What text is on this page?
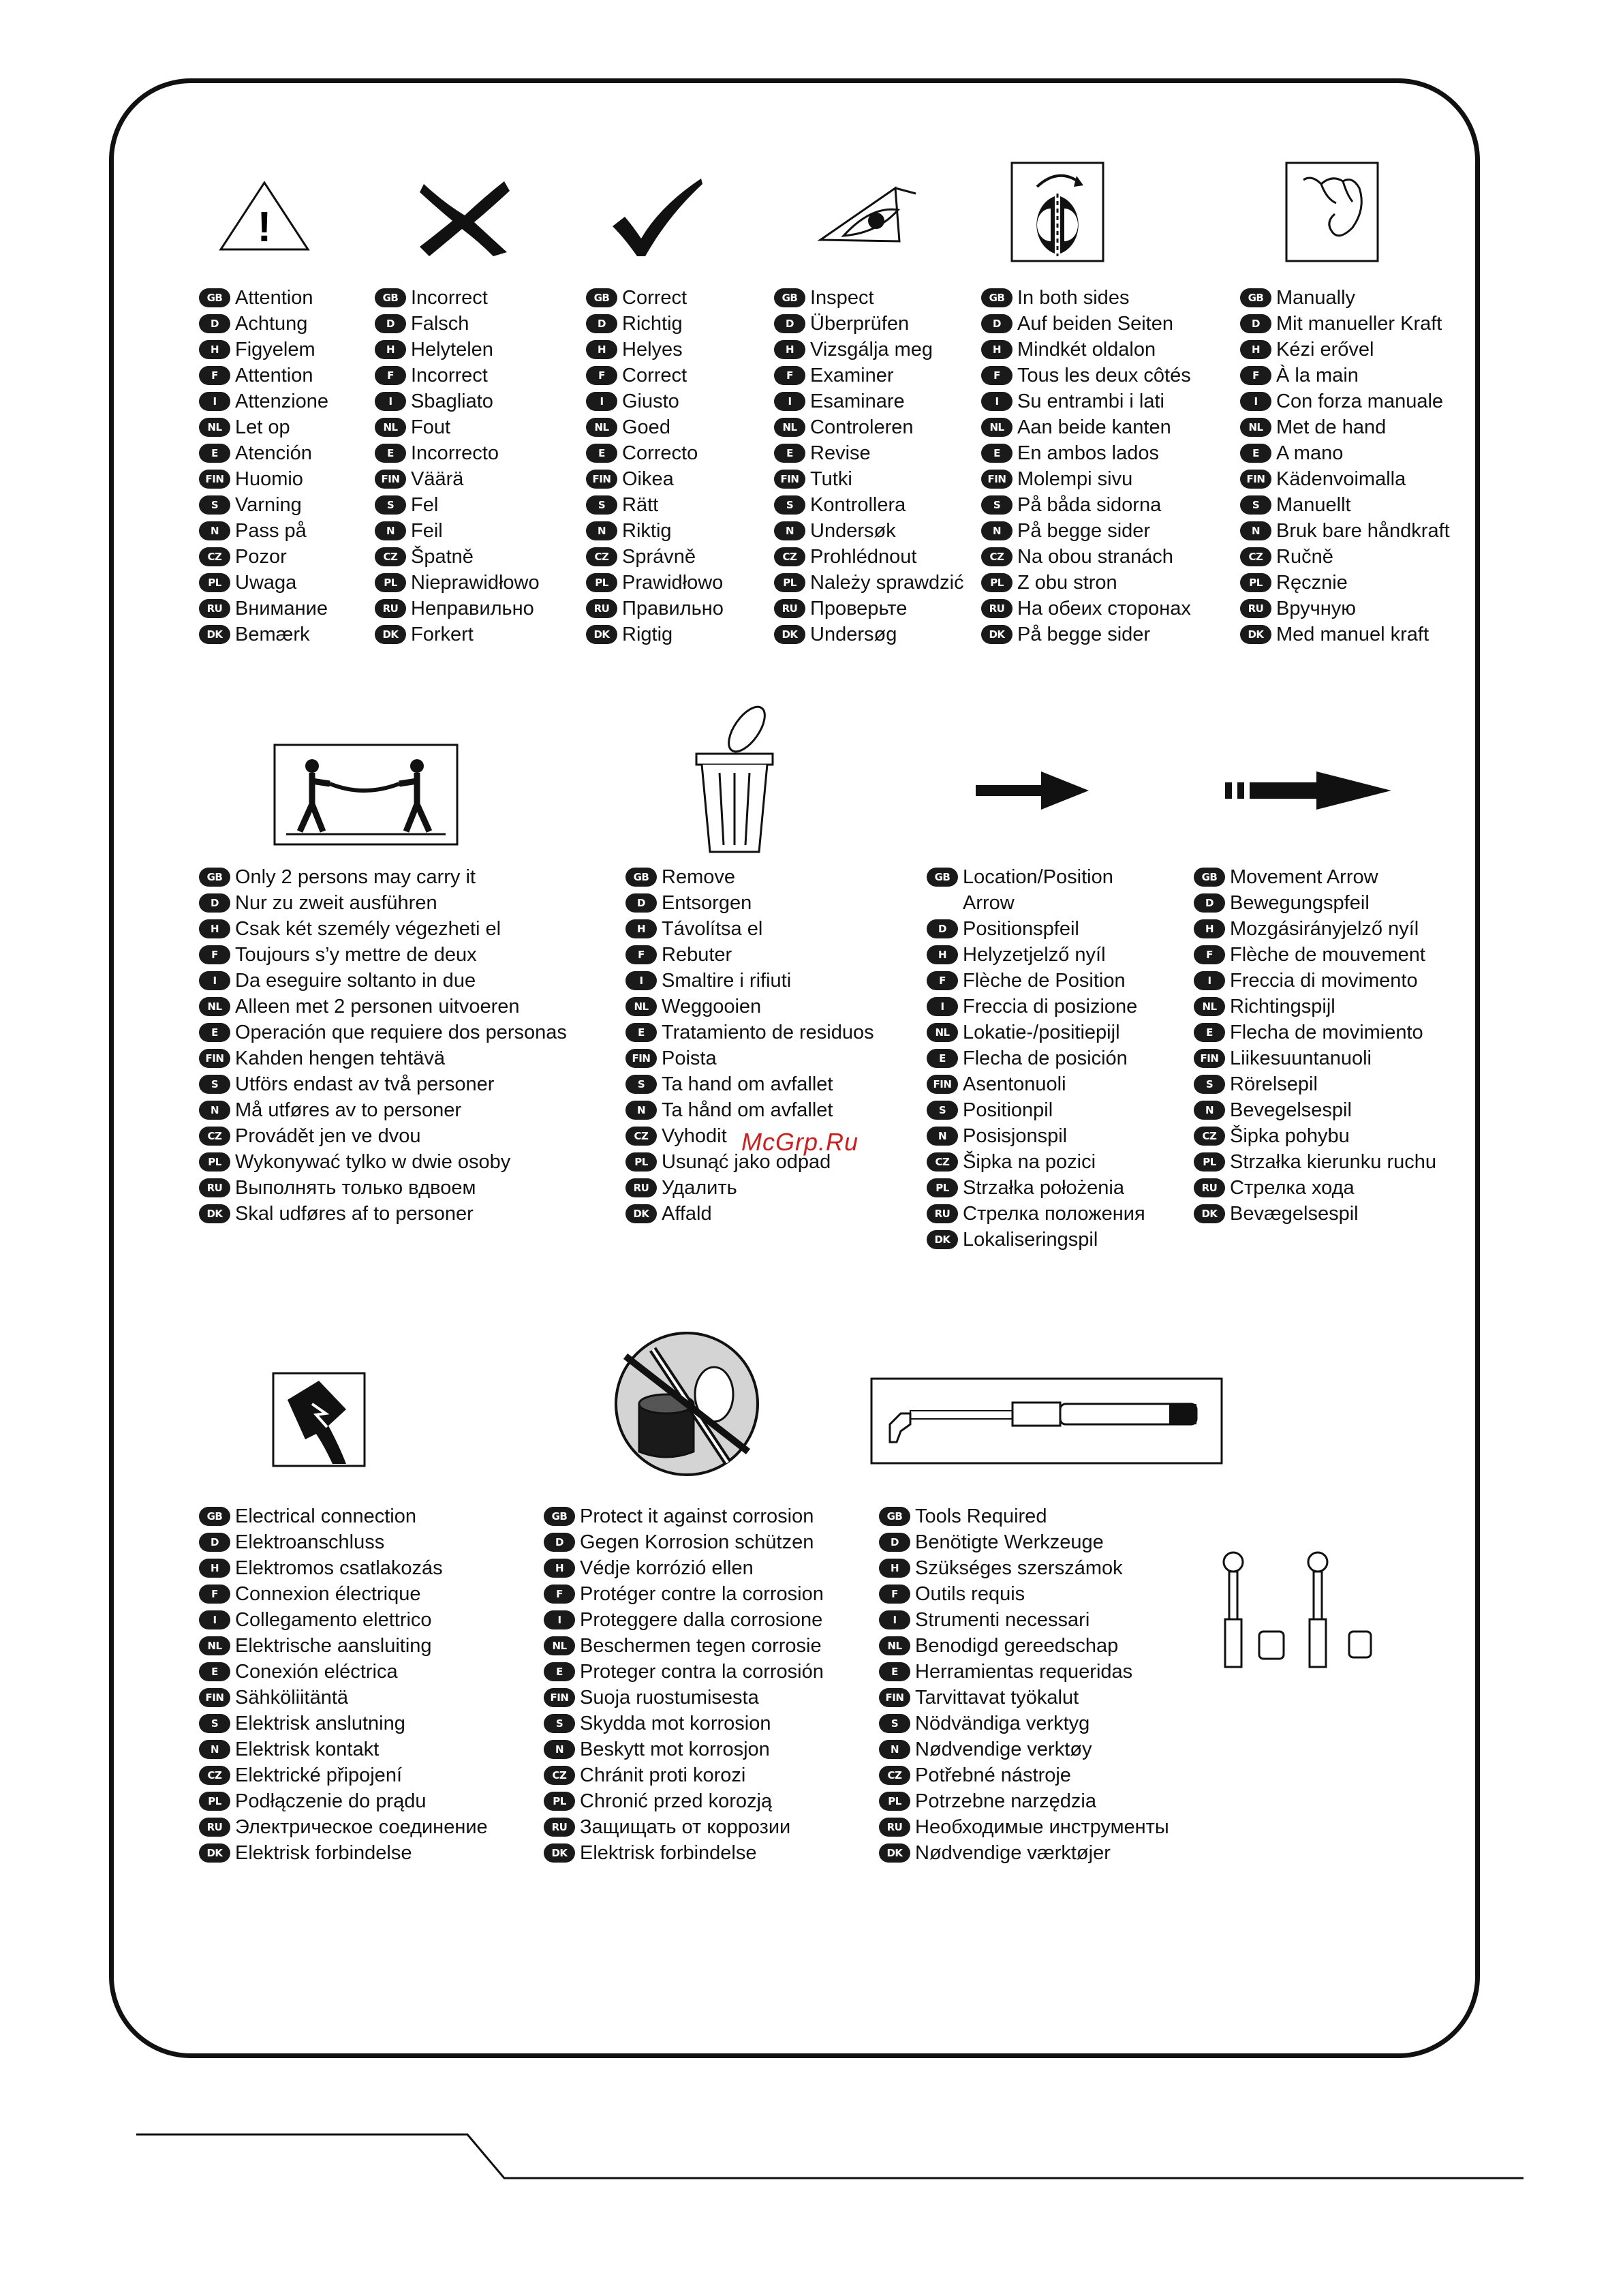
!
GB Attention
D Achtung
H Figyelem
F Attention
I Attenzione
NL Let op
E Atención
FIN Huomio
S Varning
N Pass på
CZ Pozor
PL Uwaga
RU Внимание
DK Bemærk
GB Incorrect
D Falsch
H Helytelen
F Incorrect
I Sbagliato
NL Fout
E Incorrecto
FIN Väärä
S Fel
N Feil
CZ Špatně
PL Nieprawidłowo
RU Неправильно
DK Forkert
GB Correct
D Richtig
H Helyes
F Correct
I Giusto
NL Goed
E Correcto
FIN Oikea
S Rätt
N Riktig
CZ Správně
PL Prawidłowo
RU Правильно
DK Rigtig
GB Inspect
D Überprüfen
H Vizsgálja meg
F Examiner
I Esaminare
NL Controleren
E Revise
FIN Tutki
S Kontrollera
N Undersøk
CZ Prohlédnout
PL Należy sprawdzić
RU Проверьте
DK Undersøg
GB In both sides
D Auf beiden Seiten
H Mindkét oldalon
F Tous les deux côtés
I Su entrambi i lati
NL Aan beide kanten
E En ambos lados
FIN Molempi sivu
S På båda sidorna
N På begge sider
CZ Na obou stranách
PL Z obu stron
RU На обеих сторонах
DK På begge sider
GB Manually
D Mit manueller Kraft
H Kézi erővel
F À la main
I Con forza manuale
NL Met de hand
E A mano
FIN Kädenvoimalla
S Manuellt
N Bruk bare håndkraft
CZ Ručně
PL Ręcznie
RU Вручную
DK Med manuel kraft
GB Only 2 persons may carry it
D Nur zu zweit ausführen
H Csak két személy végezheti el
F Toujours s’y mettre de deux
I Da eseguire soltanto in due
NL Alleen met 2 personen uitvoeren
E Operación que requiere dos personas
FIN Kahden hengen tehtävä
S Utförs endast av två personer
N Må utføres av to personer
CZ Provádět jen ve dvou
PL Wykonywać tylko w dwie osoby
RU Выполнять только вдвоем
DK Skal udføres af to personer
GB Remove
D Entsorgen
H Távolítsa el
F Rebuter
I Smaltire i rifiuti
NL Weggooien
E Tratamiento de residuos
FIN Poista
S Ta hand om avfallet
N Ta hånd om avfallet
CZ Vyhodit
PL Usunąć jako odpad
RU Удалить
DK Affald
GB Location/Position Arrow
D Positionspfeil
H Helyzetjelző nyíl
F Flèche de Position
I Freccia di posizione
NL Lokatie-/positiepijl
E Flecha de posición
FIN Asentonuoli
S Positionpil
N Posisjonspil
CZ Šipka na pozici
PL Strzałka położenia
RU Стрелка положения
DK Lokaliseringspil
GB Movement Arrow
D Bewegungspfeil
H Mozgásirányjelző nyíl
F Flèche de mouvement
I Freccia di movimento
NL Richtingspijl
E Flecha de movimiento
FIN Liikesuuntanuoli
S Rörelsepil
N Bevegelsespil
CZ Šipka pohybu
PL Strzałka kierunku ruchu
RU Стрелка хода
DK Bevægelsespil
GB Electrical connection
D Elektroanschluss
H Elektromos csatlakozás
F Connexion électrique
I Collegamento elettrico
NL Elektrische aansluiting
E Conexión eléctrica
FIN Sähköliitäntä
S Elektrisk anslutning
N Elektrisk kontakt
CZ Elektrické připojení
PL Podłączenie do prądu
RU Электрическое соединение
DK Elektrisk forbindelse
GB Protect it against corrosion
D Gegen Korrosion schützen
H Védje korrózió ellen
F Protéger contre la corrosion
I Proteggere dalla corrosione
NL Beschermen tegen corrosie
E Proteger contra la corrosión
FIN Suoja ruostumisesta
S Skydda mot korrosion
N Beskytt mot korrosjon
CZ Chránit proti korozi
PL Chronić przed korozją
RU Защищать от коррозии
DK Elektrisk forbindelse
GB Tools Required
D Benötigte Werkzeuge
H Szükséges szerszámok
F Outils requis
I Strumenti necessari
NL Benodigd gereedschap
E Herramientas requeridas
FIN Tarvittavat työkalut
S Nödvändiga verktyg
N Nødvendige verktøy
CZ Potřebné nástroje
PL Potrzebne narzędzia
RU Необходимые инструменты
DK Nødvendige værktøjer
McGrp.Ru
